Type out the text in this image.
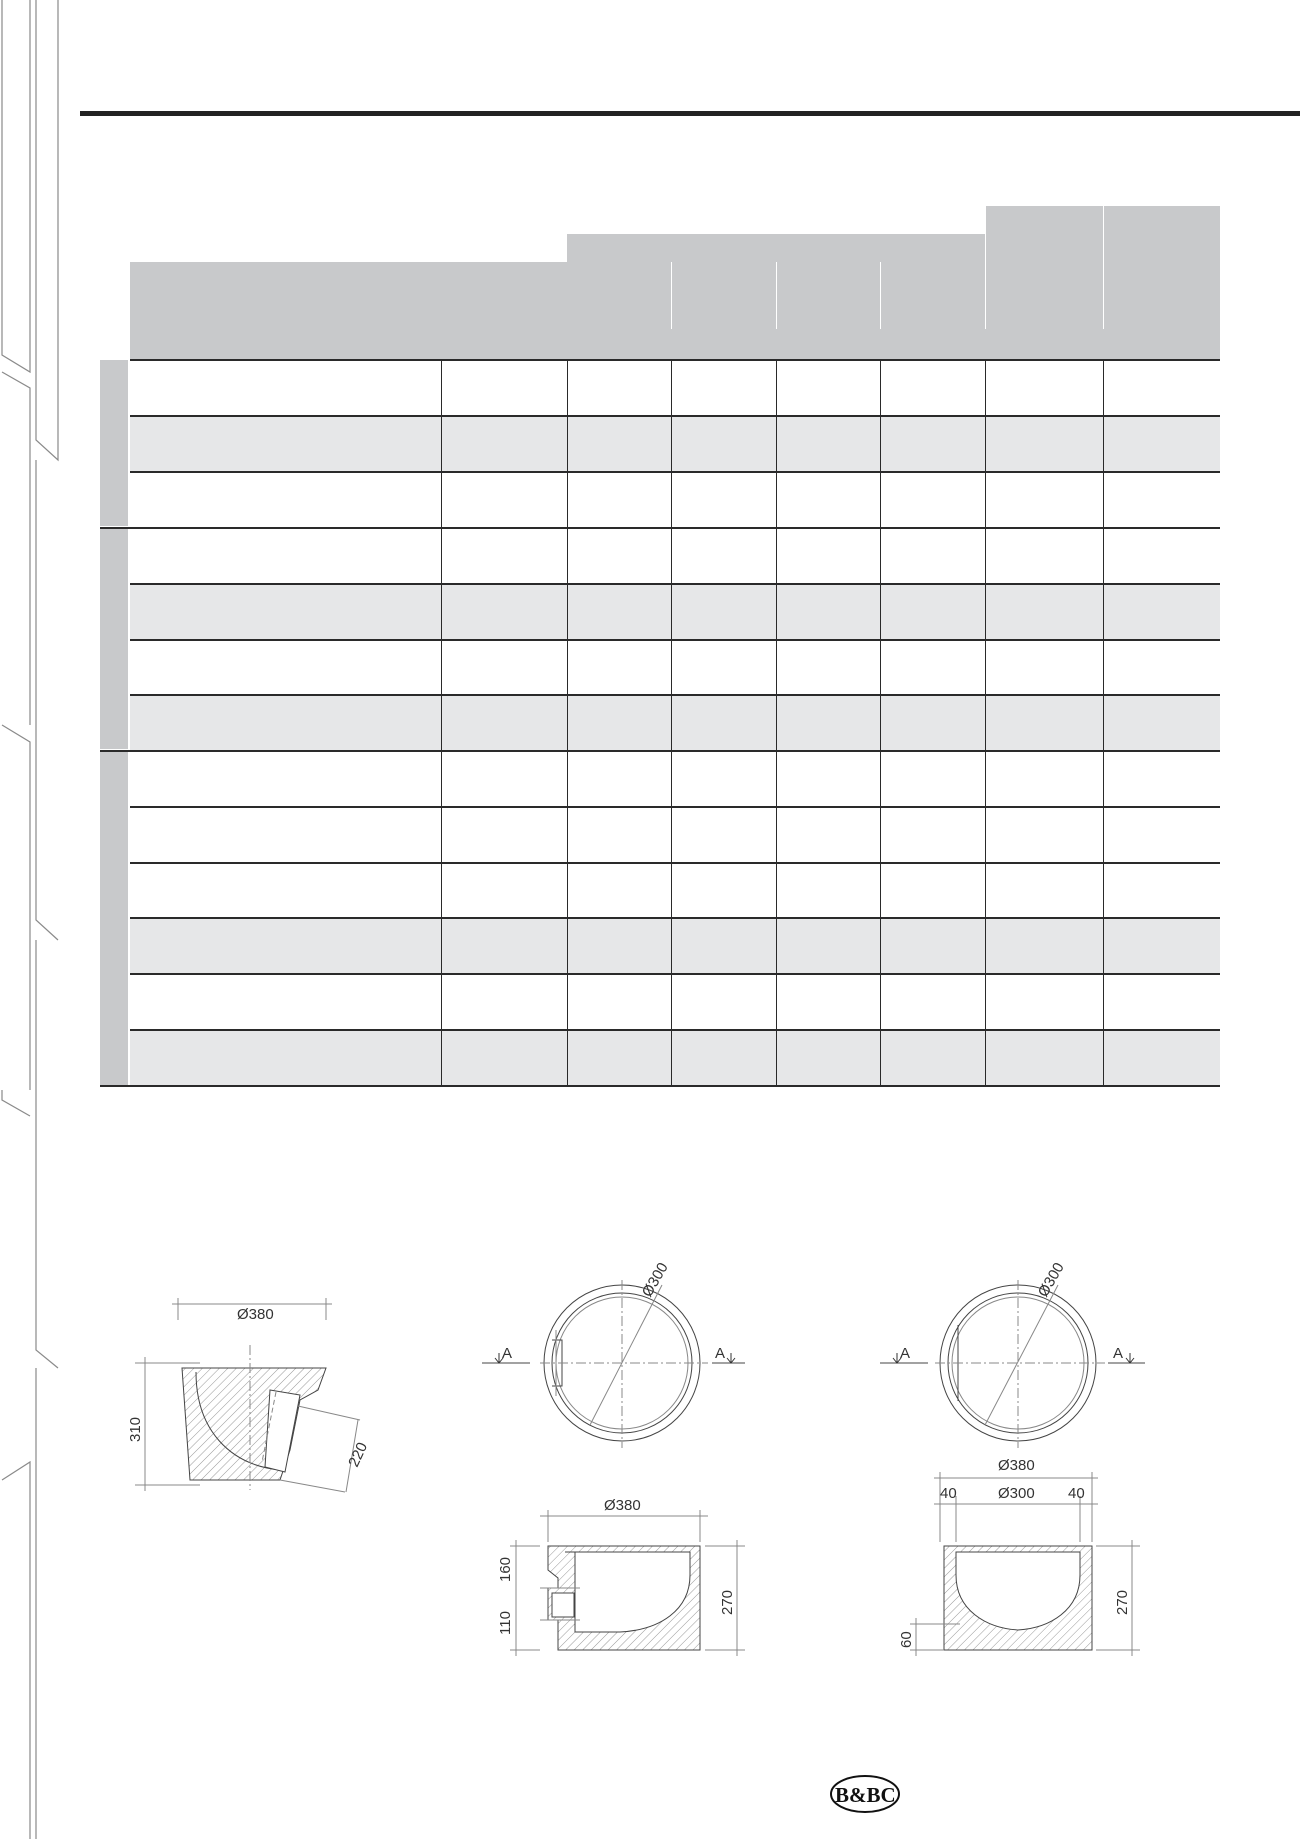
Ø380
310
220
Ø300
A	A
Ø380
160
110
270
Ø300
A	A
Ø380
40	Ø300 40
270
60
B&BC
